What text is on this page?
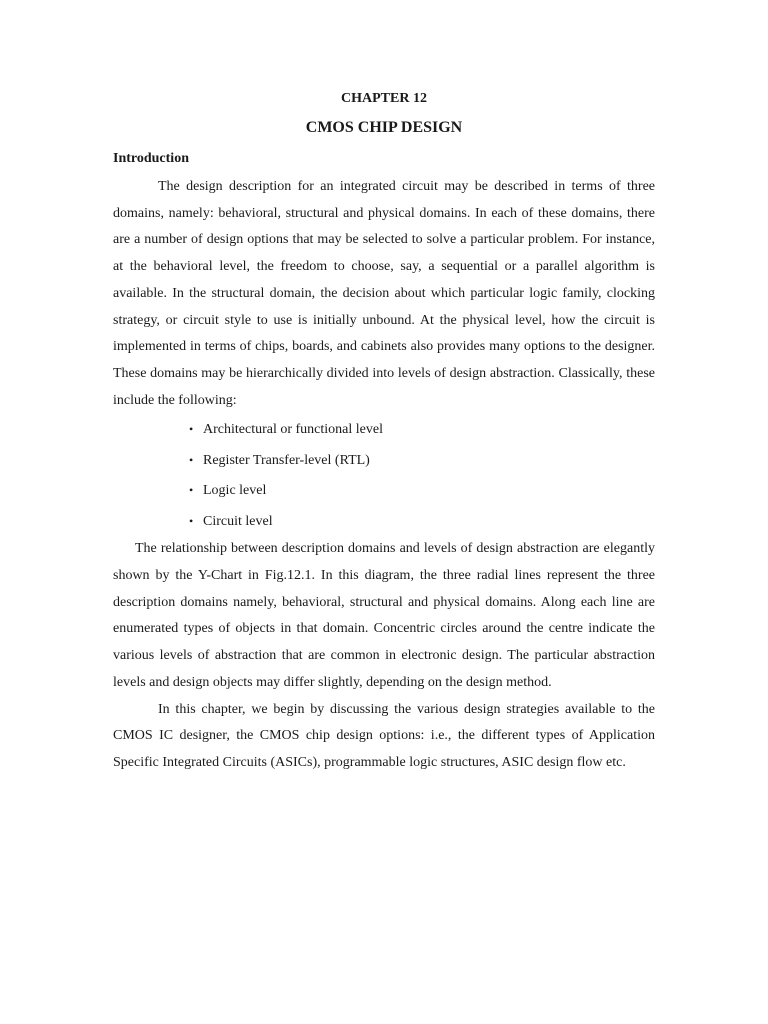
CHAPTER 12
CMOS CHIP DESIGN
Introduction

The design description for an integrated circuit may be described in terms of three domains, namely: behavioral, structural and physical domains. In each of these domains, there are a number of design options that may be selected to solve a particular problem. For instance, at the behavioral level, the freedom to choose, say, a sequential or a parallel algorithm is available. In the structural domain, the decision about which particular logic family, clocking strategy, or circuit style to use is initially unbound. At the physical level, how the circuit is implemented in terms of chips, boards, and cabinets also provides many options to the designer. These domains may be hierarchically divided into levels of design abstraction. Classically, these include the following:

• Architectural or functional level
• Register Transfer-level (RTL)
• Logic level
• Circuit level

The relationship between description domains and levels of design abstraction are elegantly shown by the Y-Chart in Fig.12.1. In this diagram, the three radial lines represent the three description domains namely, behavioral, structural and physical domains. Along each line are enumerated types of objects in that domain. Concentric circles around the centre indicate the various levels of abstraction that are common in electronic design. The particular abstraction levels and design objects may differ slightly, depending on the design method.

In this chapter, we begin by discussing the various design strategies available to the CMOS IC designer, the CMOS chip design options: i.e., the different types of Application Specific Integrated Circuits (ASICs), programmable logic structures, ASIC design flow etc.
